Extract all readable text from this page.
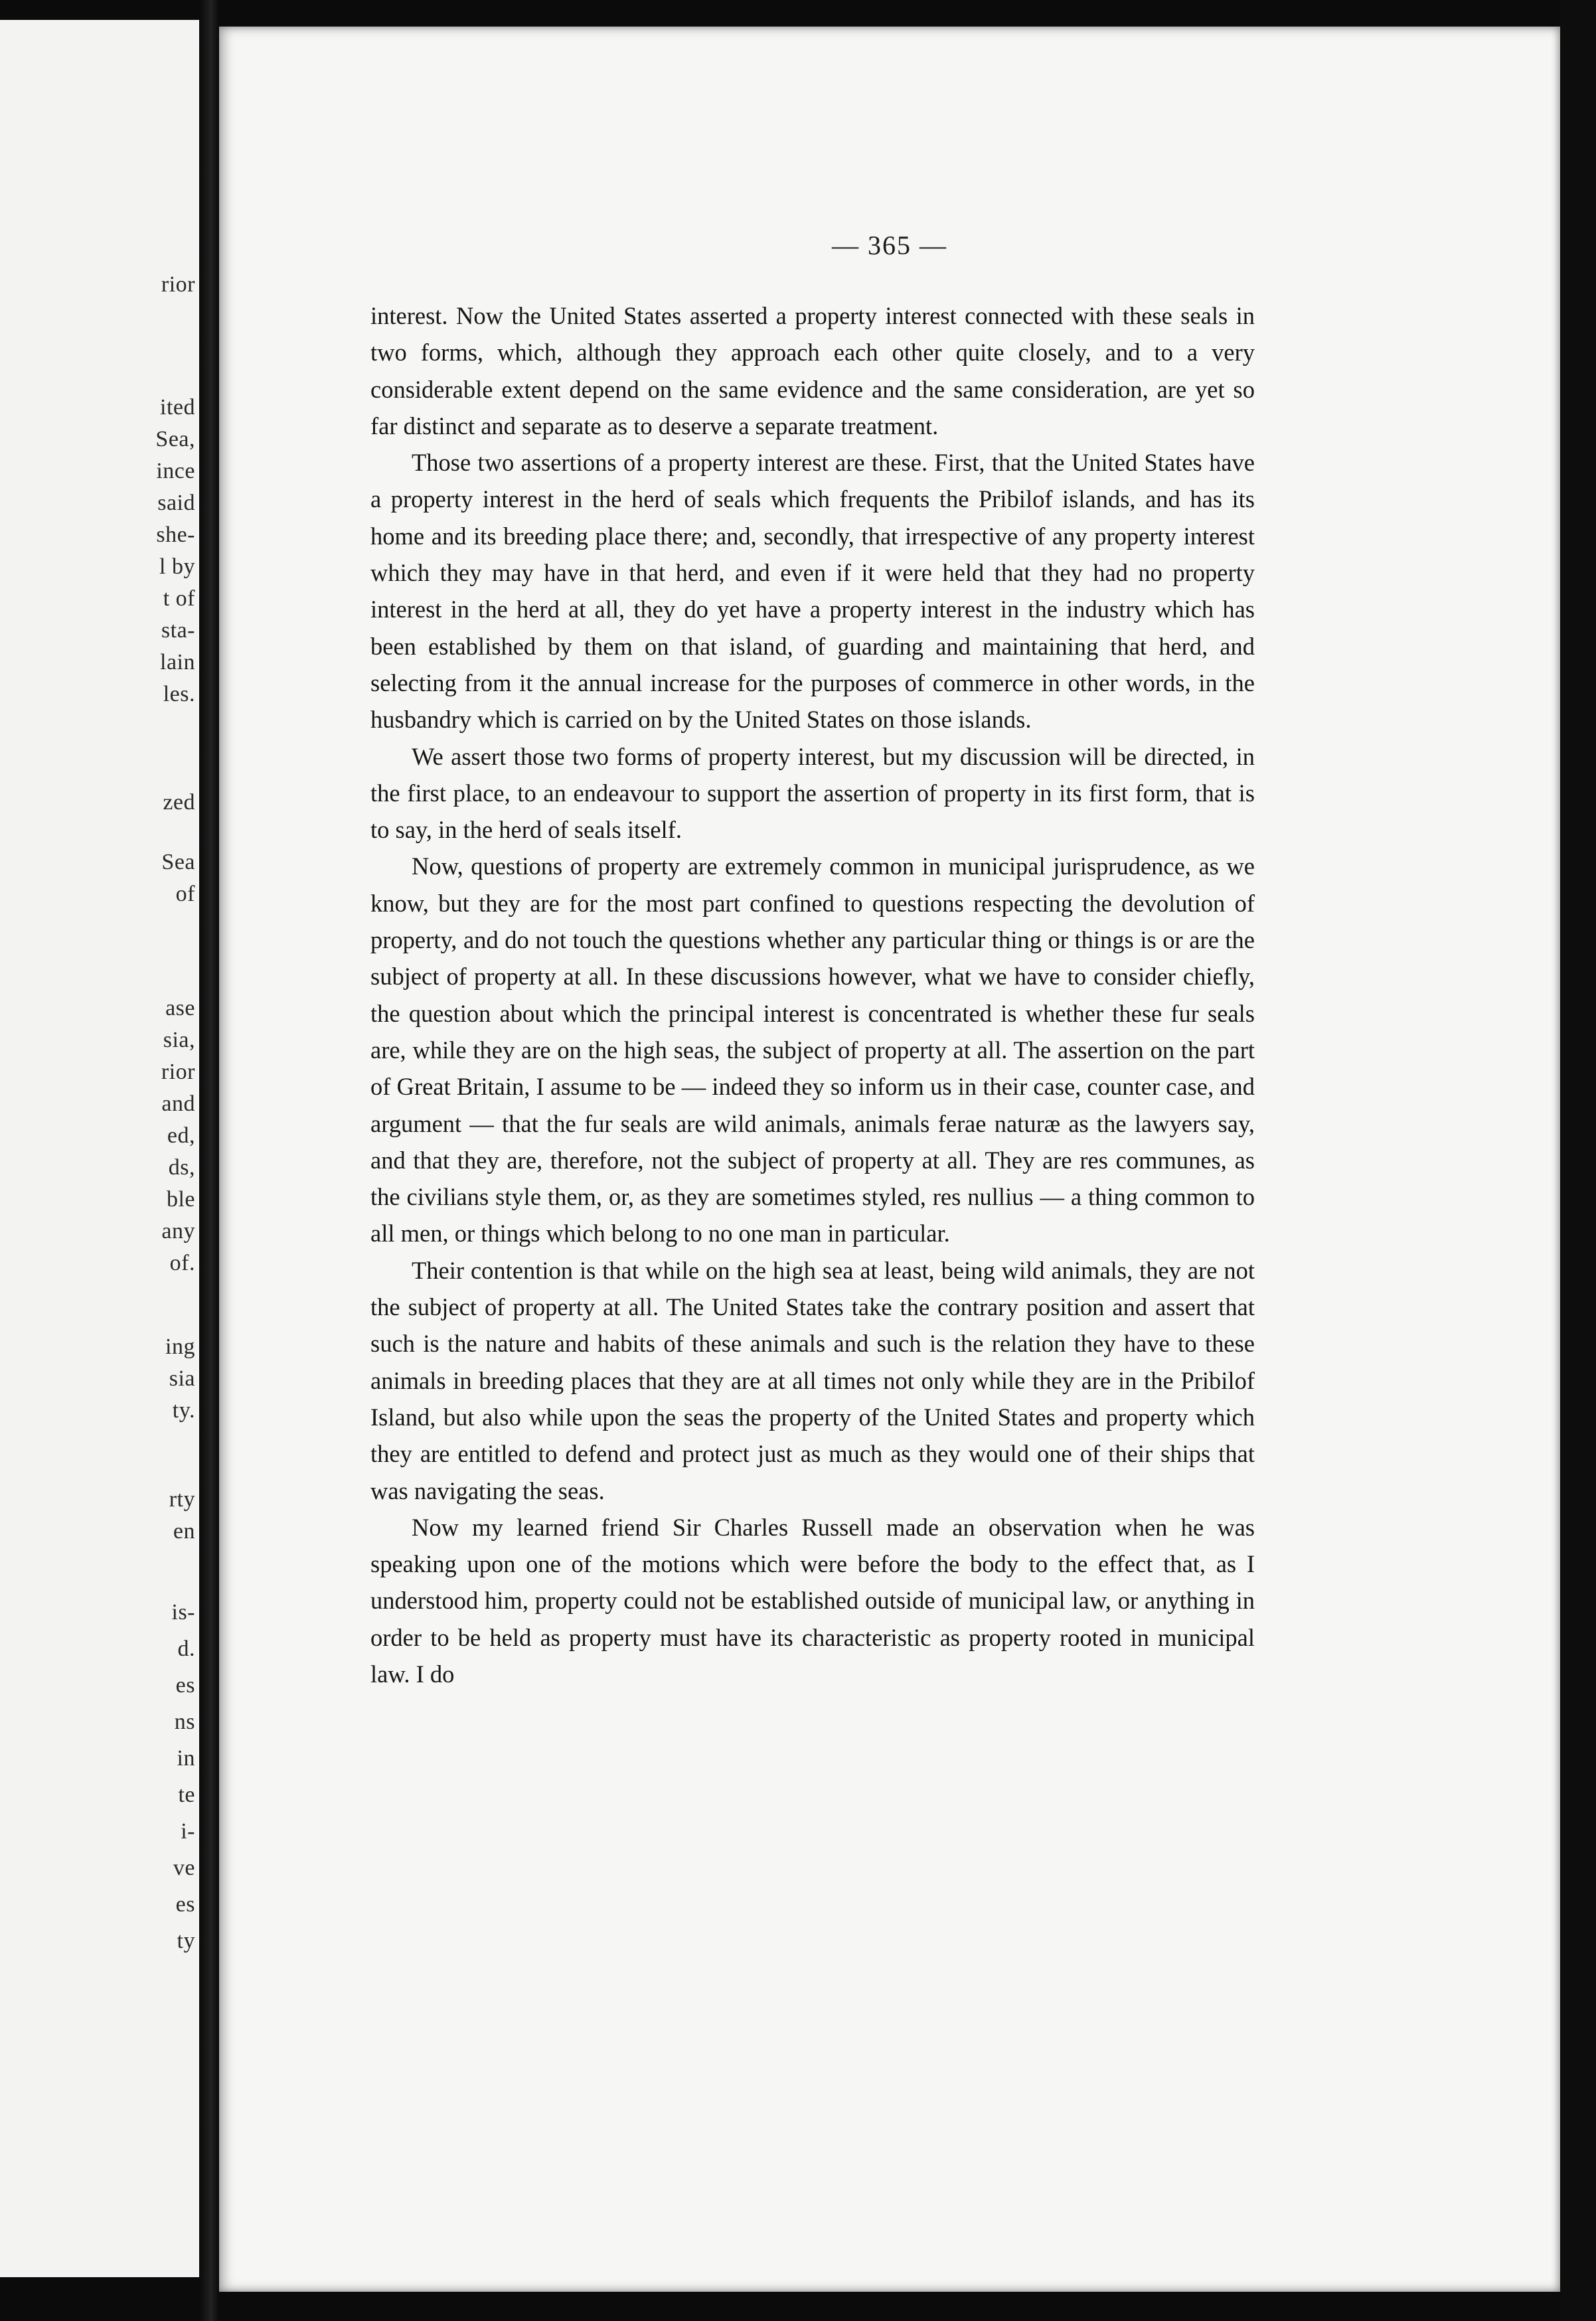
rior
ited
Sea,
ince
said
she-
l by
t of
sta-
lain
les.
zed
Sea
of
ase
sia,
rior
and
ed,
ds,
ble
any
of.
ing
sia
ty.
rty
en
is-
d.
es
ns
in
te
i-
ve
es
ty
— 365 —

interest. Now the United States asserted a property interest connected with these seals in two forms, which, although they approach each other quite closely, and to a very considerable extent depend on the same evidence and the same consideration, are yet so far distinct and separate as to deserve a separate treatment.

Those two assertions of a property interest are these. First, that the United States have a property interest in the herd of seals which frequents the Pribilof islands, and has its home and its breeding place there; and, secondly, that irrespective of any property interest which they may have in that herd, and even if it were held that they had no property interest in the herd at all, they do yet have a property interest in the industry which has been established by them on that island, of guarding and maintaining that herd, and selecting from it the annual increase for the purposes of commerce in other words, in the husbandry which is carried on by the United States on those islands.

We assert those two forms of property interest, but my discussion will be directed, in the first place, to an endeavour to support the assertion of property in its first form, that is to say, in the herd of seals itself.

Now, questions of property are extremely common in municipal jurisprudence, as we know, but they are for the most part confined to questions respecting the devolution of property, and do not touch the questions whether any particular thing or things is or are the subject of property at all. In these discussions however, what we have to consider chiefly, the question about which the principal interest is concentrated is whether these fur seals are, while they are on the high seas, the subject of property at all. The assertion on the part of Great Britain, I assume to be — indeed they so inform us in their case, counter case, and argument — that the fur seals are wild animals, animals ferae naturæ as the lawyers say, and that they are, therefore, not the subject of property at all. They are res communes, as the civilians style them, or, as they are sometimes styled, res nullius — a thing common to all men, or things which belong to no one man in particular.

Their contention is that while on the high sea at least, being wild animals, they are not the subject of property at all. The United States take the contrary position and assert that such is the nature and habits of these animals and such is the relation they have to these animals in breeding places that they are at all times not only while they are in the Pribilof Island, but also while upon the seas the property of the United States and property which they are entitled to defend and protect just as much as they would one of their ships that was navigating the seas.

Now my learned friend Sir Charles Russell made an observation when he was speaking upon one of the motions which were before the body to the effect that, as I understood him, property could not be established outside of municipal law, or anything in order to be held as property must have its characteristic as property rooted in municipal law. I do
